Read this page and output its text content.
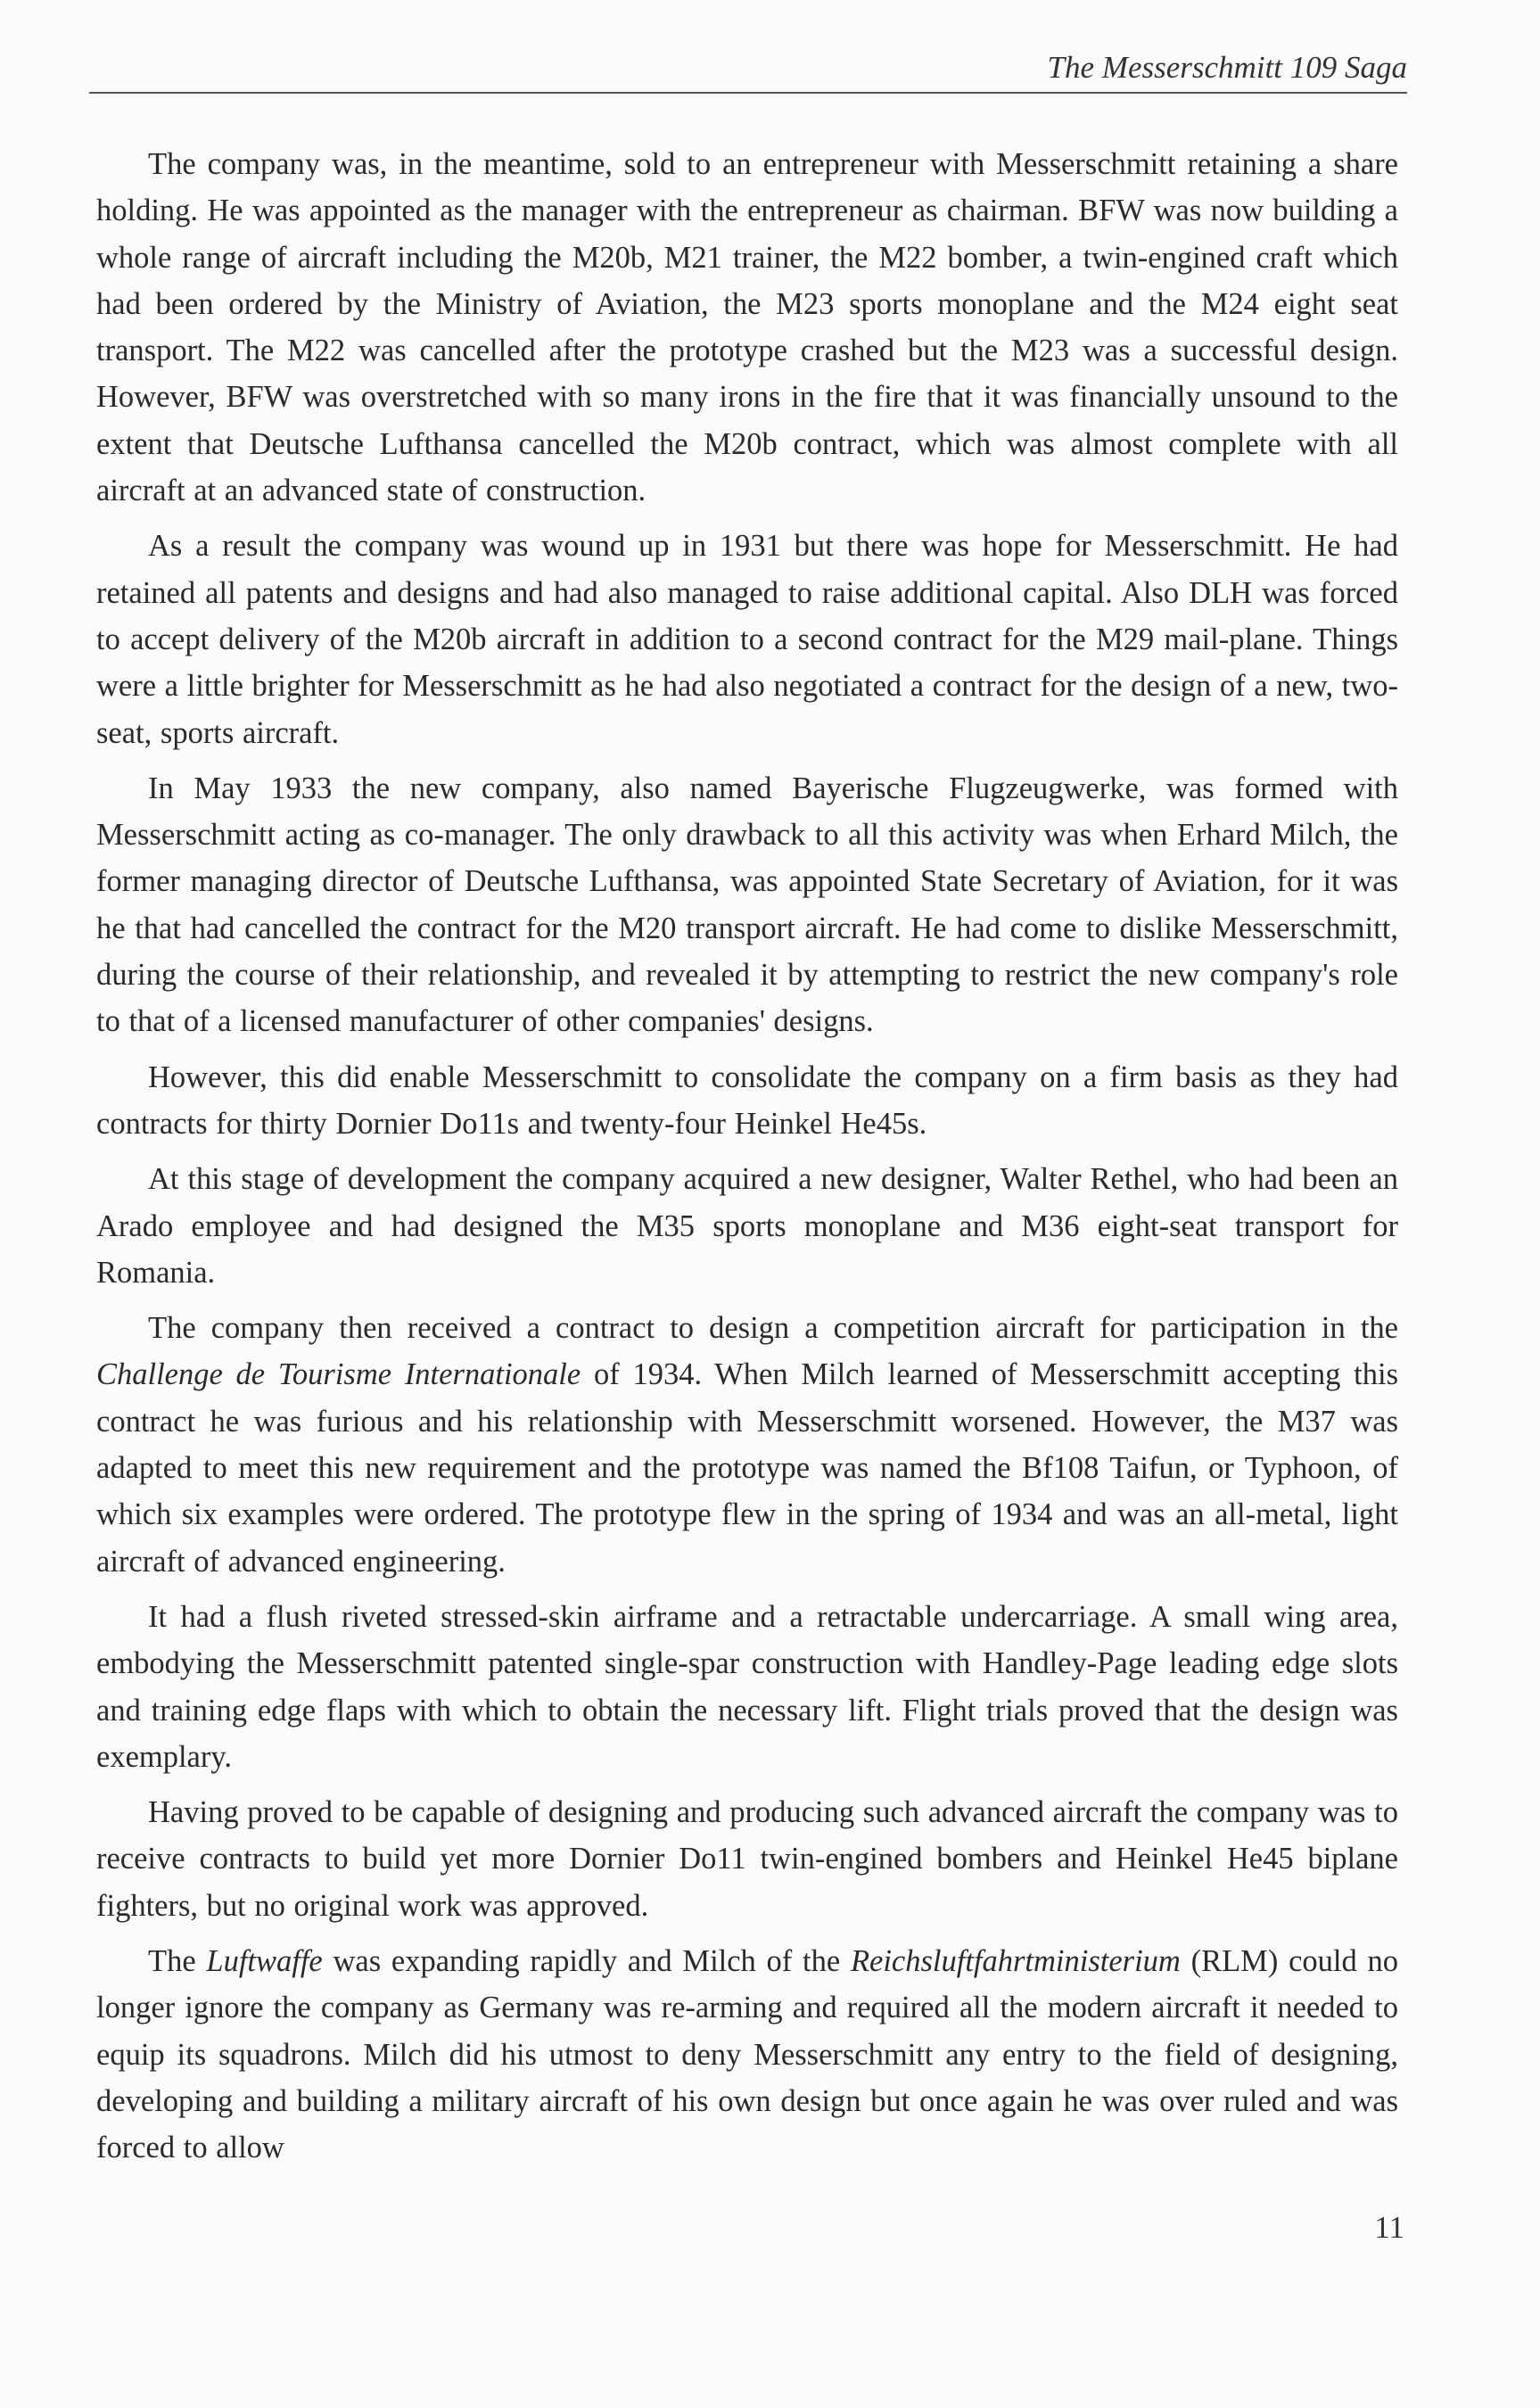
The Messerschmitt 109 Saga

The company was, in the meantime, sold to an entrepreneur with Messerschmitt retaining a share holding. He was appointed as the manager with the entrepreneur as chairman. BFW was now building a whole range of aircraft including the M20b, M21 trainer, the M22 bomber, a twin-engined craft which had been ordered by the Ministry of Aviation, the M23 sports monoplane and the M24 eight seat transport. The M22 was cancelled after the prototype crashed but the M23 was a successful design. However, BFW was overstretched with so many irons in the fire that it was financially unsound to the extent that Deutsche Lufthansa cancelled the M20b contract, which was almost complete with all aircraft at an advanced state of construction.

As a result the company was wound up in 1931 but there was hope for Messerschmitt. He had retained all patents and designs and had also managed to raise additional capital. Also DLH was forced to accept delivery of the M20b aircraft in addition to a second contract for the M29 mail-plane. Things were a little brighter for Messerschmitt as he had also negotiated a contract for the design of a new, two-seat, sports aircraft.

In May 1933 the new company, also named Bayerische Flugzeugwerke, was formed with Messerschmitt acting as co-manager. The only drawback to all this activity was when Erhard Milch, the former managing director of Deutsche Lufthansa, was appointed State Secretary of Aviation, for it was he that had cancelled the contract for the M20 transport aircraft. He had come to dislike Messerschmitt, during the course of their relationship, and revealed it by attempting to restrict the new company's role to that of a licensed manufacturer of other companies' designs.

However, this did enable Messerschmitt to consolidate the company on a firm basis as they had contracts for thirty Dornier Do11s and twenty-four Heinkel He45s.

At this stage of development the company acquired a new designer, Walter Rethel, who had been an Arado employee and had designed the M35 sports monoplane and M36 eight-seat transport for Romania.

The company then received a contract to design a competition aircraft for participation in the Challenge de Tourisme Internationale of 1934. When Milch learned of Messerschmitt accepting this contract he was furious and his relationship with Messerschmitt worsened. However, the M37 was adapted to meet this new requirement and the prototype was named the Bf108 Taifun, or Typhoon, of which six examples were ordered. The prototype flew in the spring of 1934 and was an all-metal, light aircraft of advanced engineering.

It had a flush riveted stressed-skin airframe and a retractable undercarriage. A small wing area, embodying the Messerschmitt patented single-spar construction with Handley-Page leading edge slots and training edge flaps with which to obtain the necessary lift. Flight trials proved that the design was exemplary.

Having proved to be capable of designing and producing such advanced aircraft the company was to receive contracts to build yet more Dornier Do11 twin-engined bombers and Heinkel He45 biplane fighters, but no original work was approved.

The Luftwaffe was expanding rapidly and Milch of the Reichsluftfahrtministerium (RLM) could no longer ignore the company as Germany was re-arming and required all the modern aircraft it needed to equip its squadrons. Milch did his utmost to deny Messerschmitt any entry to the field of designing, developing and building a military aircraft of his own design but once again he was over ruled and was forced to allow

11
